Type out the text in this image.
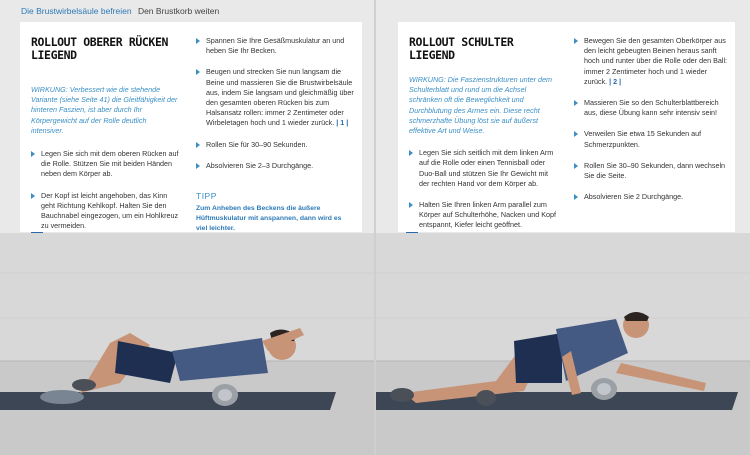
Die Brustwirbelsäule befreien Den Brustkorb weiten
ROLLOUT OBERER RÜCKEN LIEGEND

WIRKUNG: Verbessert wie die stehende Variante (siehe Seite 41) die Gleitfähigkeit der hinteren Faszien, ist aber durch Ihr Körpergewicht auf der Rolle deutlich intensiver.

Legen Sie sich mit dem oberen Rücken auf die Rolle. Stützen Sie mit beiden Händen neben dem Körper ab.
Der Kopf ist leicht angehoben, das Kinn geht Richtung Kehlkopf. Halten Sie den Bauchnabel eingezogen, um ein Hohlkreuz zu vermeiden.
Spannen Sie Ihre Gesäßmuskulatur an und heben Sie Ihr Becken.
Beugen und strecken Sie nun langsam die Beine und massieren Sie die Brustwirbelsäule aus, indem Sie langsam und gleichmäßig über den gesamten oberen Rücken bis zum Halsansatz rollen: immer 2 Zentimeter oder Wirbeletagen hoch und 1 wieder zurück. | 1 |
Rollen Sie für 30–90 Sekunden.
Absolvieren Sie 2–3 Durchgänge.
TIPP
Zum Anheben des Beckens die äußere Hüftmuskulatur mit anspannen, dann wird es viel leichter.
ROLLOUT SCHULTER LIEGEND

WIRKUNG: Die Faszienstrukturen unter dem Schulterblatt und rund um die Achsel schränken oft die Beweglichkeit und Durchblutung des Armes ein. Diese recht schmerzhafte Übung löst sie auf äußerst effektive Art und Weise.

Legen Sie sich seitlich mit dem linken Arm auf die Rolle oder einen Tennisball oder Duo-Ball und stützen Sie Ihr Gewicht mit der rechten Hand vor dem Körper ab.
Halten Sie Ihren linken Arm parallel zum Körper auf Schulterhöhe, Nacken und Kopf entspannt, Kiefer leicht geöffnet.
Bewegen Sie den gesamten Oberkörper aus den leicht gebeugten Beinen heraus sanft hoch und runter über die Rolle oder den Ball: immer 2 Zentimeter hoch und 1 wieder zurück. | 2 |
Massieren Sie so den Schulterblattbereich aus, diese Übung kann sehr intensiv sein!
Verweilen Sie etwa 15 Sekunden auf Schmerzpunkten.
Rollen Sie 30–90 Sekunden, dann wechseln Sie die Seite.
Absolvieren Sie 2 Durchgänge.
